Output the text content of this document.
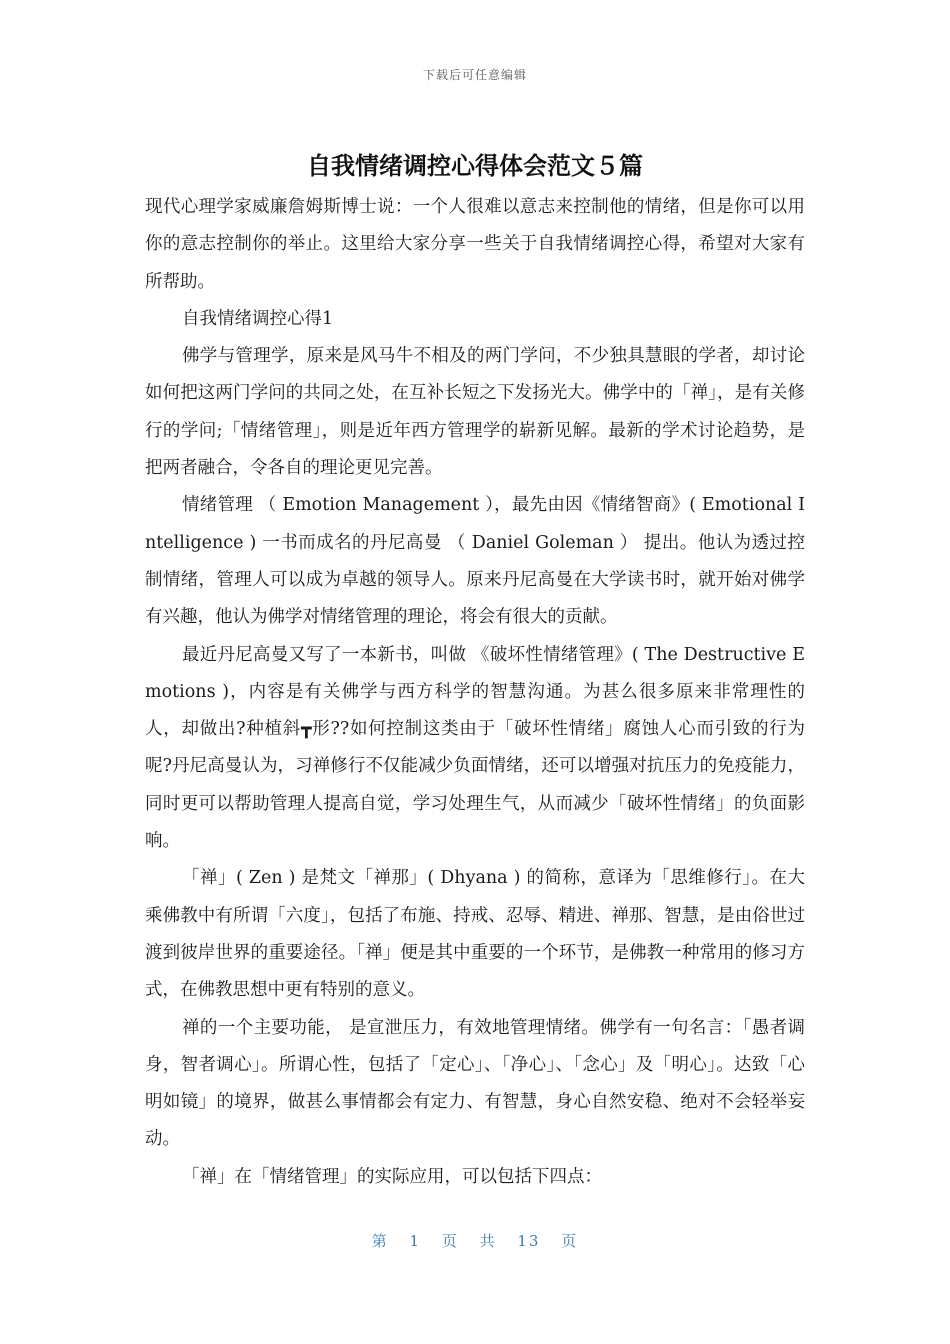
下载后可任意编辑
自我情绪调控心得体会范文５篇

现代心理学家威廉詹姆斯博士说：一个人很难以意志来控制他的情绪，但是你可以用你的意志控制你的举止。这里给大家分享一些关于自我情绪调控心得，希望对大家有所帮助。

自我情绪调控心得1

佛学与管理学，原来是风马牛不相及的两门学问，不少独具慧眼的学者，却讨论如何把这两门学问的共同之处，在互补长短之下发扬光大。佛学中的「禅」，是有关修行的学问;「情绪管理」，则是近年西方管理学的崭新见解。最新的学术讨论趋势，是把两者融合，令各自的理论更见完善。

情绪管理 （ Emotion Management ），最先由因《情绪智商》( Emotional Intelligence ) 一书而成名的丹尼高曼 （ Daniel Goleman ） 提出。他认为透过控制情绪，管理人可以成为卓越的领导人。原来丹尼高曼在大学读书时，就开始对佛学有兴趣，他认为佛学对情绪管理的理论，将会有很大的贡献。

最近丹尼高曼又写了一本新书，叫做 《破坏性情绪管理》( The Destructive Emotions )，内容是有关佛学与西方科学的智慧沟通。为甚么很多原来非常理性的人，却做出?种植斜┳形??如何控制这类由于「破坏性情绪」腐蚀人心而引致的行为呢?丹尼高曼认为，习禅修行不仅能减少负面情绪，还可以增强对抗压力的免疫能力，同时更可以帮助管理人提高自觉，学习处理生气，从而减少「破坏性情绪」的负面影响。

「禅」( Zen ) 是梵文「禅那」( Dhyana ) 的简称，意译为「思维修行」。在大乘佛教中有所谓「六度」，包括了布施、持戒、忍辱、精进、禅那、智慧，是由俗世过渡到彼岸世界的重要途径。「禅」便是其中重要的一个环节，是佛教一种常用的修习方式，在佛教思想中更有特别的意义。

禅的一个主要功能， 是宣泄压力，有效地管理情绪。佛学有一句名言：「愚者调身，智者调心」。所谓心性，包括了「定心」、「净心」、「念心」及「明心」。达致「心明如镜」的境界，做甚么事情都会有定力、有智慧，身心自然安稳、绝对不会轻举妄动。

「禅」在「情绪管理」的实际应用，可以包括下四点：

第 1 页 共 13 页
